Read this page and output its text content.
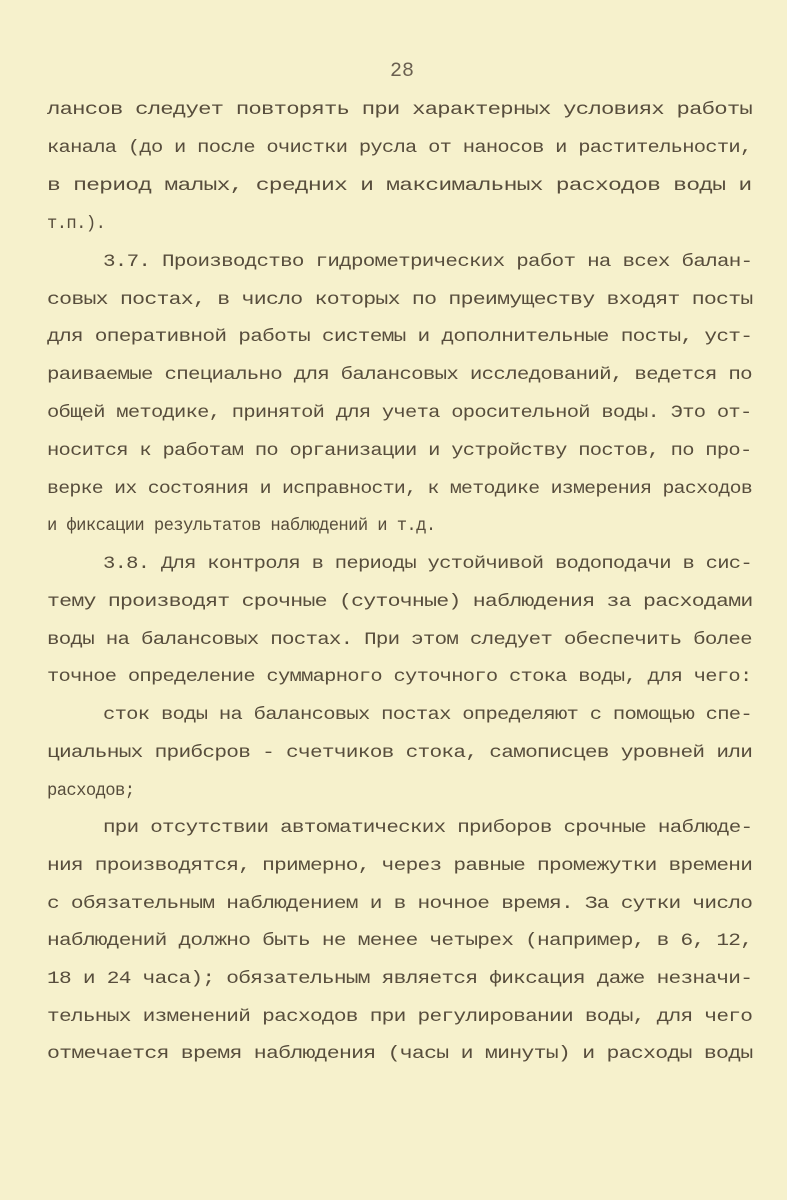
28
лансов следует повторять при характерных условиях работы
канала (до и после очистки русла от наносов и растительности,
в период малых, средних и максимальных расходов воды и
т.п.).
3.7. Производство гидрометрических работ на всех балан-
совых постах, в число которых по преимуществу входят посты
для оперативной работы системы и дополнительные посты, уст-
раиваемые специально для балансовых исследований, ведется по
общей методике, принятой для учета оросительной воды. Это от-
носится к работам по организации и устройству постов, по про-
верке их состояния и исправности, к методике измерения расходов
и фиксации результатов наблюдений и т.д.
3.8. Для контроля в периоды устойчивой водоподачи в сис-
тему производят срочные (суточные) наблюдения за расходами
воды на балансовых постах. При этом следует обеспечить более
точное определение суммарного суточного стока воды, для чего:
сток воды на балансовых постах определяют с помощью спе-
циальных прибсров - счетчиков стока, самописцев уровней или
расходов;
при отсутствии автоматических приборов срочные наблюде-
ния производятся, примерно, через равные промежутки времени
с обязательным наблюдением и в ночное время. За сутки число
наблюдений должно быть не менее четырех (например, в 6, 12,
18 и 24 часа); обязательным является фиксация даже незначи-
тельных изменений расходов при регулировании воды, для чего
отмечается время наблюдения (часы и минуты) и расходы воды
